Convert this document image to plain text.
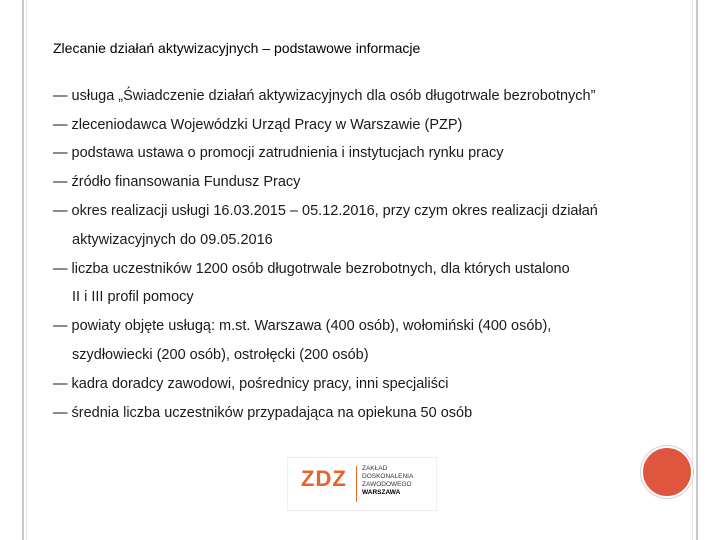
Zlecanie działań aktywizacyjnych – podstawowe informacje
— usługa „Świadczenie działań aktywizacyjnych dla osób długotrwale bezrobotnych”
— zleceniodawca Wojewódzki Urząd Pracy w Warszawie (PZP)
— podstawa ustawa o promocji zatrudnienia i instytucjach rynku pracy
— źródło finansowania Fundusz Pracy
— okres realizacji usługi 16.03.2015 – 05.12.2016, przy czym okres realizacji działań
aktywizacyjnych do 09.05.2016
— liczba uczestników 1200 osób długotrwale bezrobotnych, dla których ustalono
II i III profil pomocy
— powiaty objęte usługą: m.st. Warszawa (400 osób), wołomiński (400 osób),
szydłowiecki (200 osób), ostrołęcki (200 osób)
— kadra doradcy zawodowi, pośrednicy pracy, inni specjaliści
— średnia liczba uczestników przypadająca na opiekuna 50 osób
ZDZ ZAKŁAD
DOSKONALENIA
ZAWODOWEGO
WARSZAWA
